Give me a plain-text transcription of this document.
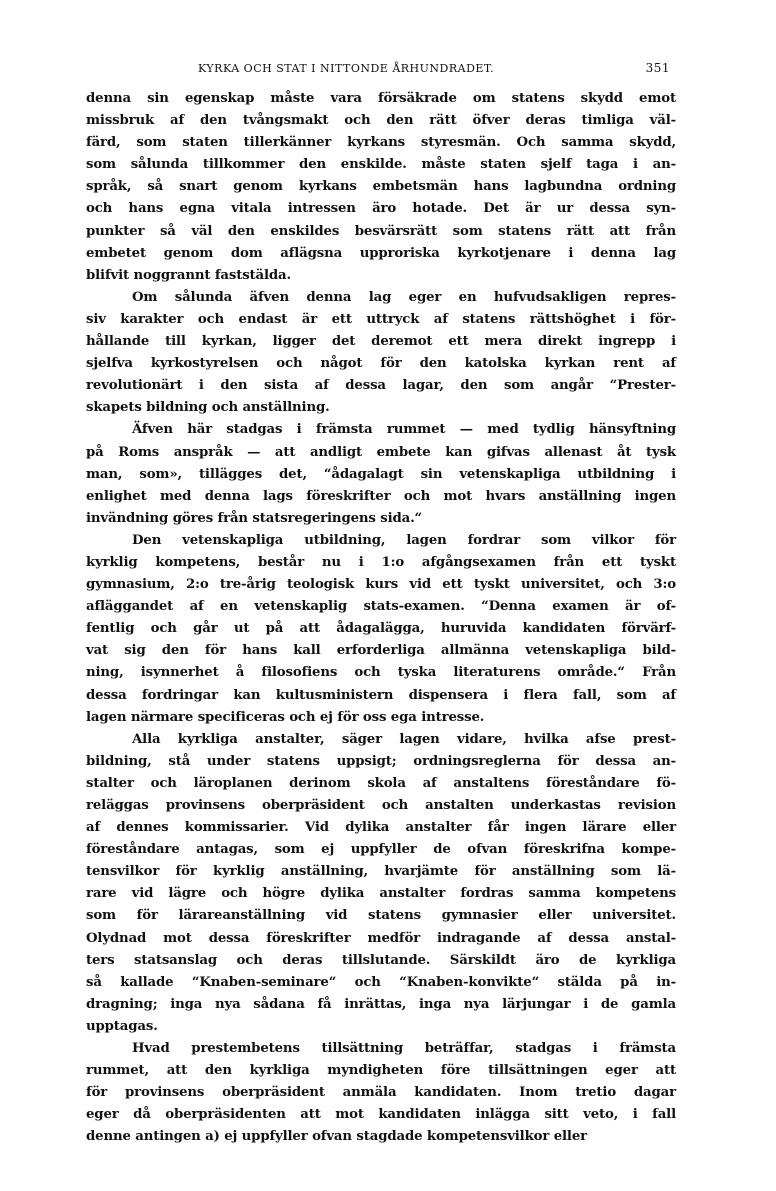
KYRKA OCH STAT I NITTONDE ÅRHUNDRADET.	351
denna sin egenskap måste vara försäkrade om statens skydd emot
missbruk af den tvångsmakt och den rätt öfver deras timliga väl-
färd, som staten tillerkänner kyrkans styresmän. Och samma skydd,
som sålunda tillkommer den enskilde. måste staten sjelf taga i an-
språk, så snart genom kyrkans embetsmän hans lagbundna ordning
och hans egna vitala intressen äro hotade. Det är ur dessa syn-
punkter så väl den enskildes besvärsrätt som statens rätt att från
embetet genom dom aflägsna upproriska kyrkotjenare i denna lag
blifvit noggrannt faststälda.
Om sålunda äfven denna lag eger en hufvudsakligen repres-
siv karakter och endast är ett uttryck af statens rättshöghet i för-
hållande till kyrkan, ligger det deremot ett mera direkt ingrepp i
sjelfva kyrkostyrelsen och något för den katolska kyrkan rent af
revolutionärt i den sista af dessa lagar, den som angår “Prester-
skapets bildning och anställning.
Äfven här stadgas i främsta rummet — med tydlig hänsyftning
på Roms anspråk — att andligt embete kan gifvas allenast åt tysk
man, som», tillägges det, “ådagalagt sin vetenskapliga utbildning i
enlighet med denna lags föreskrifter och mot hvars anställning ingen
invändning göres från statsregeringens sida.“
Den vetenskapliga utbildning, lagen fordrar som vilkor för
kyrklig kompetens, består nu i 1:o afgångsexamen från ett tyskt
gymnasium, 2:o tre-årig teologisk kurs vid ett tyskt universitet, och 3:o
afläggandet af en vetenskaplig stats-examen. “Denna examen är of-
fentlig och går ut på att ådagalägga, huruvida kandidaten förvärf-
vat sig den för hans kall erforderliga allmänna vetenskapliga bild-
ning, isynnerhet å filosofiens och tyska literaturens område.“ Från
dessa fordringar kan kultusministern dispensera i flera fall, som af
lagen närmare specificeras och ej för oss ega intresse.
Alla kyrkliga anstalter, säger lagen vidare, hvilka afse prest-
bildning, stå under statens uppsigt; ordningsreglerna för dessa an-
stalter och läroplanen derinom skola af anstaltens föreståndare fö-
reläggas provinsens oberpräsident och anstalten underkastas revision
af dennes kommissarier. Vid dylika anstalter får ingen lärare eller
föreståndare antagas, som ej uppfyller de ofvan föreskrifna kompe-
tensvilkor för kyrklig anställning, hvarjämte för anställning som lä-
rare vid lägre och högre dylika anstalter fordras samma kompetens
som för lärareanställning vid statens gymnasier eller universitet.
Olydnad mot dessa föreskrifter medför indragande af dessa anstal-
ters statsanslag och deras tillslutande. Särskildt äro de kyrkliga
så kallade “Knaben-seminare“ och “Knaben-konvikte“ stälda på in-
dragning; inga nya sådana få inrättas, inga nya lärjungar i de gamla
upptagas.
Hvad prestembetens tillsättning beträffar, stadgas i främsta
rummet, att den kyrkliga myndigheten före tillsättningen eger att
för provinsens oberpräsident anmäla kandidaten. Inom tretio dagar
eger då oberpräsidenten att mot kandidaten inlägga sitt veto, i fall
denne antingen a) ej uppfyller ofvan stagdade kompetensvilkor eller
